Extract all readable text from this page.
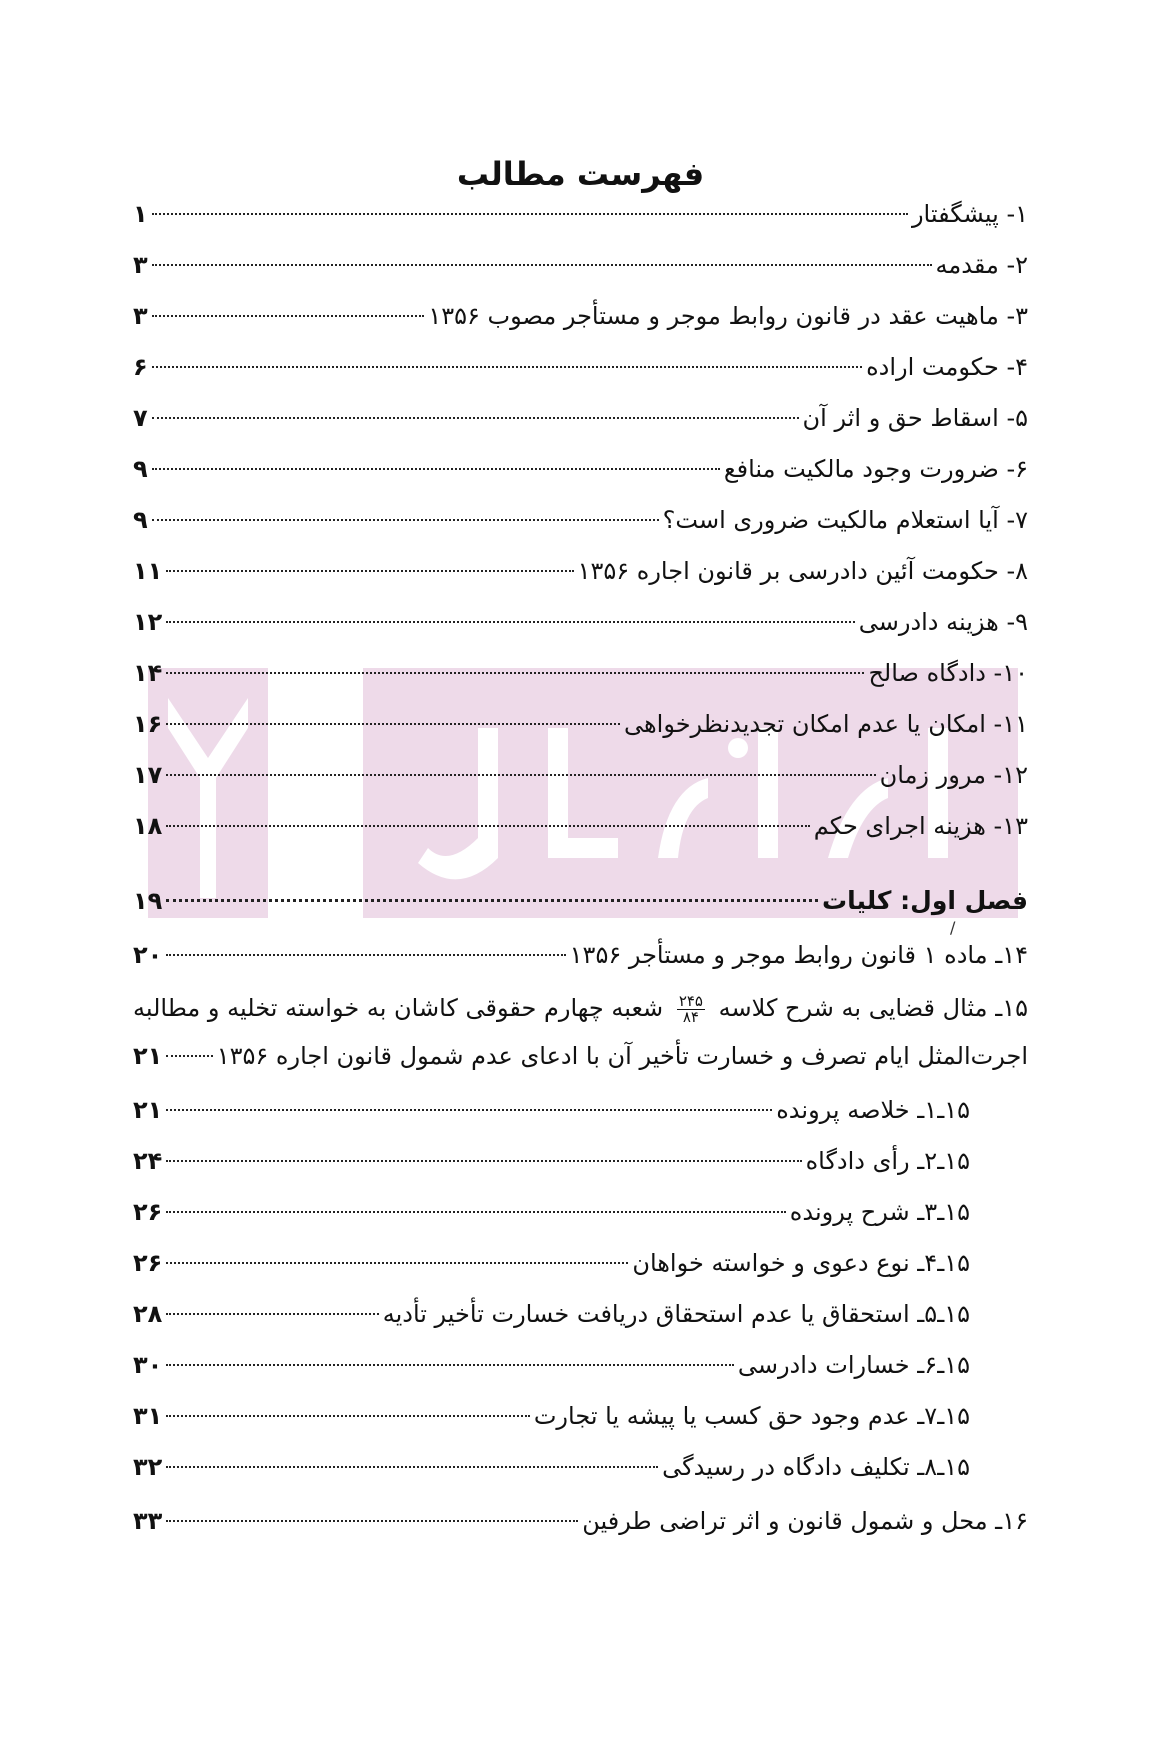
فهرست مطالب
۱- پیشگفتار
۱
۲- مقدمه
۳
۳- ماهیت عقد در قانون روابط موجر و مستأجر مصوب ۱۳۵۶
۳
۴- حکومت اراده
۶
۵- اسقاط حق و اثر آن
۷
۶- ضرورت وجود مالکیت منافع
۹
۷- آیا استعلام مالکیت ضروری است؟
۹
۸- حکومت آئین دادرسی بر قانون اجاره ۱۳۵۶
۱۱
۹- هزینه دادرسی
۱۲
۱۰- دادگاه صالح
۱۴
۱۱- امکان یا عدم امکان تجدیدنظرخواهی
۱۶
۱۲- مرور زمان
۱۷
۱۳- هزینه اجرای حکم
۱۸
فصل اول: کلیات
۱۹
/
۱۴ـ ماده ۱ قانون روابط موجر و مستأجر ۱۳۵۶
۲۰
۱۵ـ مثال قضایی به شرح کلاسه
$\frac{۲۴۵}{۸۴}$
شعبه چهارم حقوقی کاشان به خواسته تخلیه و مطالبه
اجرت‌المثل ایام تصرف و خسارت تأخیر آن با ادعای عدم شمول قانون اجاره ۱۳۵۶
۲۱
۱۵ـ۱ـ خلاصه پرونده
۲۱
۱۵ـ۲ـ رأی دادگاه
۲۴
۱۵ـ۳ـ شرح پرونده
۲۶
۱۵ـ۴ـ نوع دعوی و خواسته خواهان
۲۶
۱۵ـ۵ـ استحقاق یا عدم استحقاق دریافت خسارت تأخیر تأدیه
۲۸
۱۵ـ۶ـ خسارات دادرسی
۳۰
۱۵ـ۷ـ عدم وجود حق کسب یا پیشه یا تجارت
۳۱
۱۵ـ۸ـ تکلیف دادگاه در رسیدگی
۳۲
۱۶ـ محل و شمول قانون و اثر تراضی طرفین
۳۳
